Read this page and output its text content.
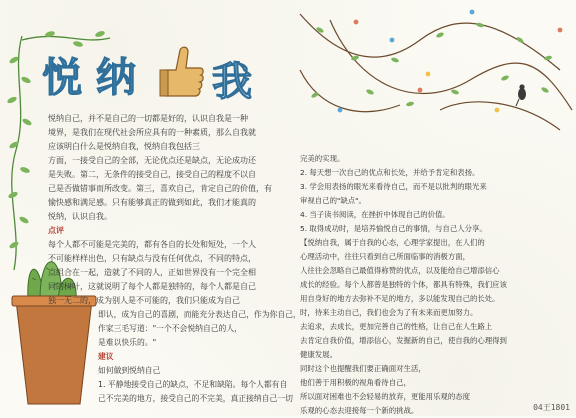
悦 纳 我
悦纳自己，并不是自己的一切都是好的，认识自我是一种
境界，是我们在现代社会所应具有的一种素质，那么自我就
应该明白什么是悦纳自我，悦纳自我包括三
方面，一接受自己的全部，无论优点还是缺点，无论成功还
是失败。第二，无条件的接受自己，接受自己的程度不以自
己是否做错事而所改变。第三，喜欢自己，肯定自己的价值，有
愉快感和满足感。只有能够真正的做到如此，我们才能真的
悦纳，认识自我。
点评
每个人都不可能是完美的，都有各自的长处和短处，一个人
不可能样样出色，只有缺点与没有任何优点，不同的特点，
点组合在一起，造就了不同的人，正如世界没有一个完全相
同的树叶，这就说明了每个人都是独特的，每个人都是自己
独一无二的，成为别人是不可能的，我们只能成为自己
即认，成为自己的喜剧，而能充分表达自己，作为你自己，
作家三毛写道："一个不会悦纳自己的人，
是难以快乐的。"
建议
如何做到悦纳自己
1. 平静地接受自己的缺点，不足和缺陷。每个人都有自
己不完美的地方，接受自己的不完美，真正接纳自己一切
完美的实现。
2. 每天想一次自己的优点和长处，并给予肯定和表扬。
3. 学会用表扬的眼光来看待自己，而不是以批判的眼光来
审视自己的"缺点"。
4. 当子读书阅读，在挫折中体现自己的价值。
5. 取得成功时，是培养愉悦自己的事情，与自己人分享。
【悦纳自我，属于自我的心态，心理学家提出，在人们的
心理活动中，往往只看到自己所面临事的消极方面，
人往往会忽略自己最值得称赞的优点，以及能给自己增添信心
成长的经验。每个人都曾是独特的个体，都具有特殊，我们应该
用自身好的地方去弥补不足的地方，多以能发现自己的长处。
时，待来主动自己，我们也会为了有未来而更加努力。
去追求，去成长，更加完善自己的性格，让自己在人生路上
去肯定自我价值，增添信心，发掘新的自己，使自我的心理得到
健康发展。
同时这个也提醒我们要正确面对生活，
他们善于用积极的视角看待自己，
所以面对困难也不会轻易的放弃，更能用乐观的态度
乐观的心态去迎接每一个新的挑战。	04王1801
